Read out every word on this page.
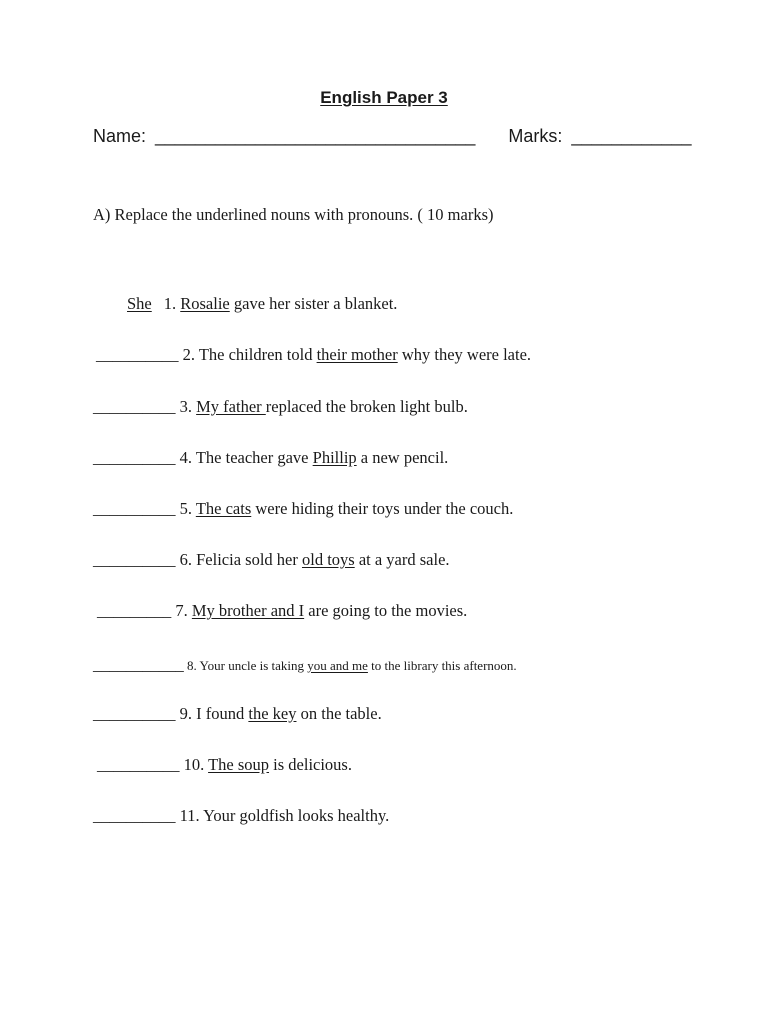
English Paper 3
Name: ________________________________ Marks: ____________
A) Replace the underlined nouns with pronouns. ( 10 marks)
She 1. Rosalie gave her sister a blanket.
__________ 2. The children told their mother why they were late.
__________ 3. My father replaced the broken light bulb.
__________ 4. The teacher gave Phillip a new pencil.
__________ 5. The cats were hiding their toys under the couch.
__________ 6. Felicia sold her old toys at a yard sale.
_________ 7. My brother and I are going to the movies.
___________ 8. Your uncle is taking you and me to the library this afternoon.
__________ 9. I found the key on the table.
__________ 10. The soup is delicious.
__________ 11. Your goldfish looks healthy.
